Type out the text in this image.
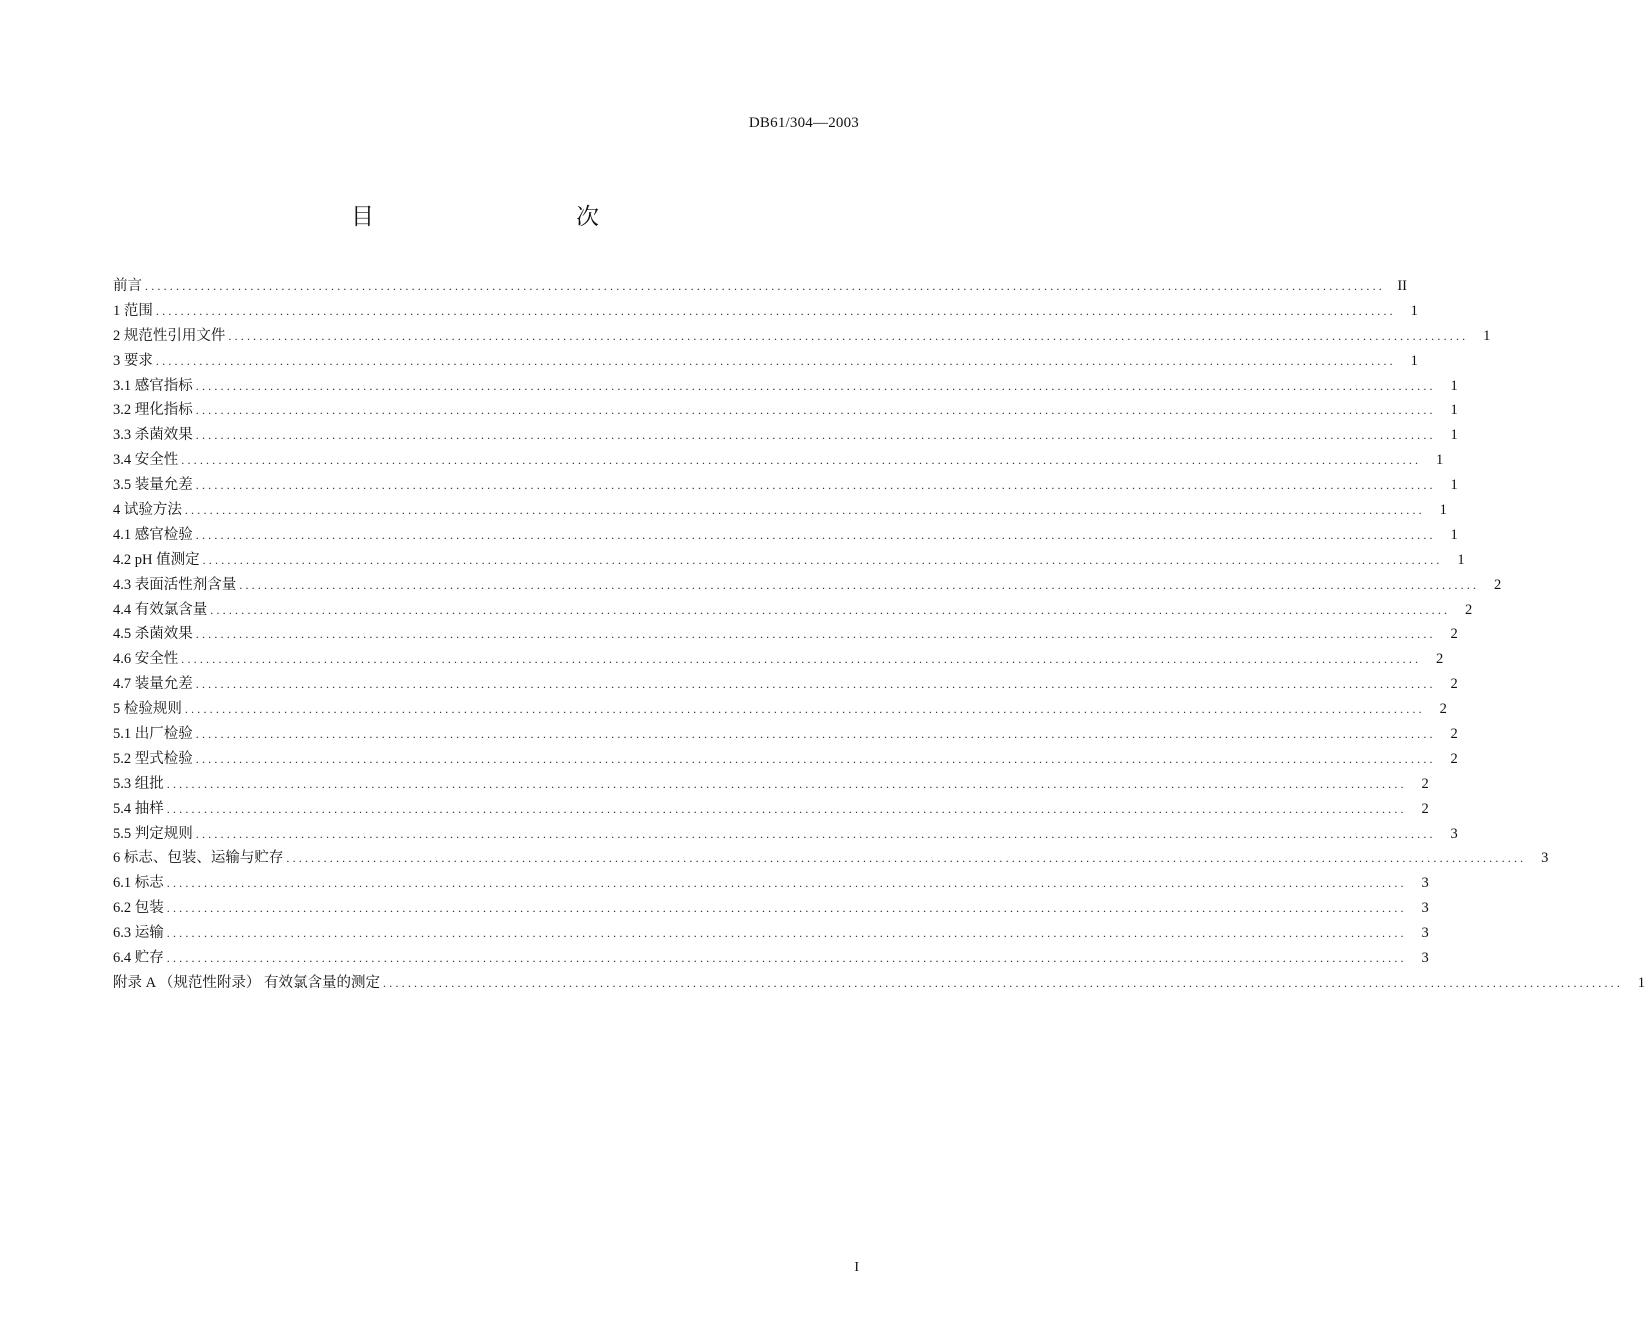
DB61/304—2003
目　　次
前言 ........................................................................................................................................................................................................ II
1 范围 ........................................................................................................................................................................................................	1
2 规范性引用文件 ........................................................................................................................................................................................................	1
3 要求 ........................................................................................................................................................................................................	1
3.1 感官指标 ........................................................................................................................................................................................................	1
3.2 理化指标 ........................................................................................................................................................................................................	1
3.3 杀菌效果 ........................................................................................................................................................................................................	1
3.4 安全性 ........................................................................................................................................................................................................	1
3.5 装量允差 ........................................................................................................................................................................................................	1
4 试验方法 ........................................................................................................................................................................................................	1
4.1 感官检验 ........................................................................................................................................................................................................	1
4.2 pH 值测定 ........................................................................................................................................................................................................	1
4.3 表面活性剂含量 ........................................................................................................................................................................................................	2
4.4 有效氯含量 ........................................................................................................................................................................................................	2
4.5 杀菌效果 ........................................................................................................................................................................................................	2
4.6 安全性 ........................................................................................................................................................................................................	2
4.7 装量允差 ........................................................................................................................................................................................................	2
5 检验规则 ........................................................................................................................................................................................................	2
5.1 出厂检验 ........................................................................................................................................................................................................	2
5.2 型式检验 ........................................................................................................................................................................................................	2
5.3 组批 ........................................................................................................................................................................................................	2
5.4 抽样 ........................................................................................................................................................................................................	2
5.5 判定规则 ........................................................................................................................................................................................................	3
6 标志、包装、运输与贮存 ........................................................................................................................................................................................................	3
6.1 标志 ........................................................................................................................................................................................................	3
6.2 包装 ........................................................................................................................................................................................................	3
6.3 运输 ........................................................................................................................................................................................................	3
6.4 贮存 ........................................................................................................................................................................................................	3
附录 A （规范性附录） 有效氯含量的测定 ........................................................................................................................................................................................................	1
I
